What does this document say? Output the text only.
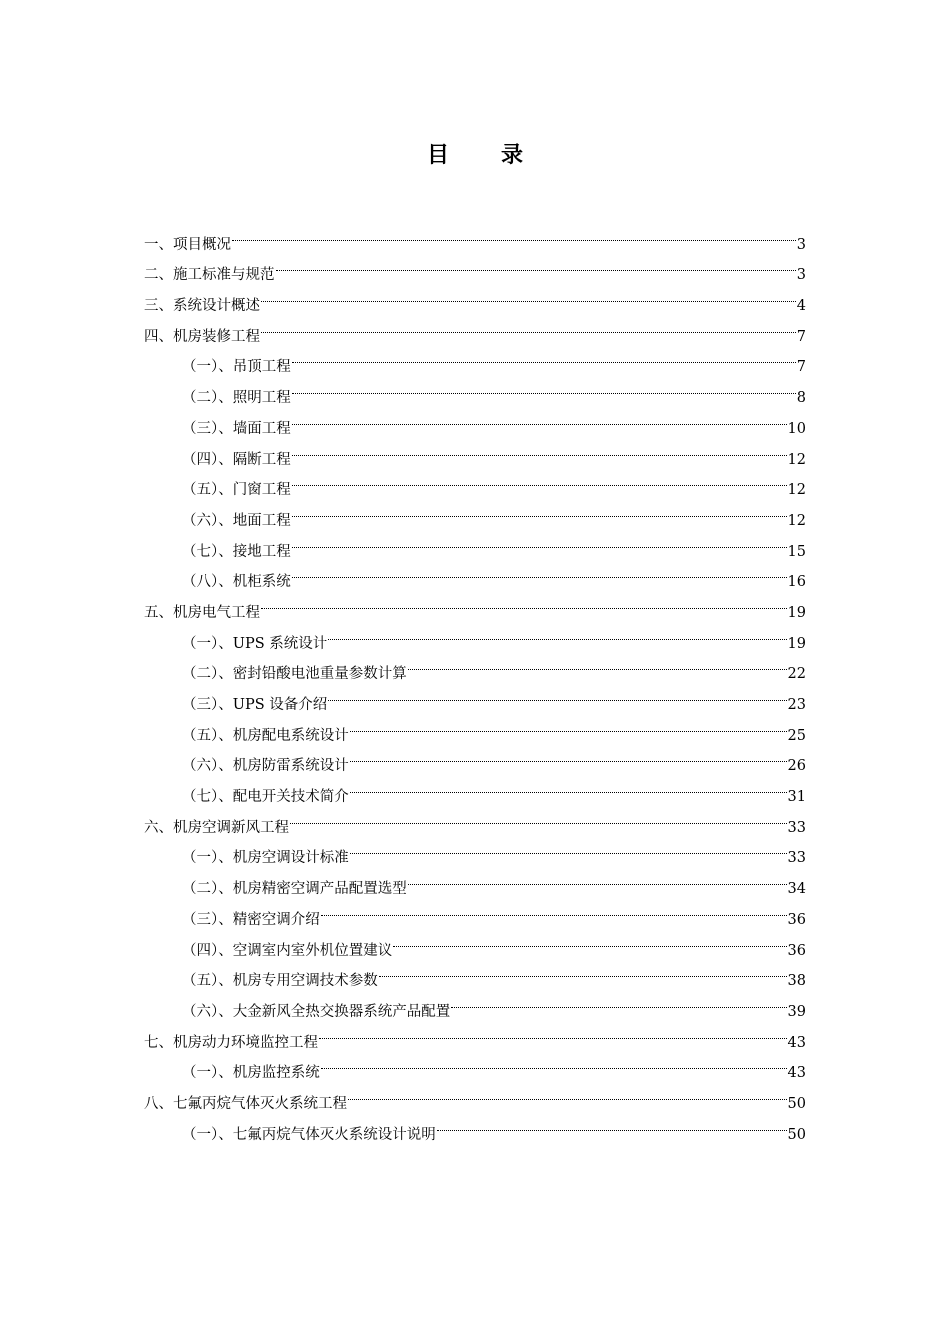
目 录
一、项目概况	3
二、施工标准与规范	3
三、系统设计概述	4
四、机房装修工程	7
（一）、吊顶工程	7
（二）、照明工程	8
（三）、墙面工程	10
（四）、隔断工程	12
（五）、门窗工程	12
（六）、地面工程	12
（七）、接地工程	15
（八）、机柜系统	16
五、机房电气工程	19
（一）、UPS 系统设计	19
（二）、密封铅酸电池重量参数计算	22
（三）、UPS 设备介绍	23
（五）、机房配电系统设计	25
（六）、机房防雷系统设计	26
（七）、配电开关技术简介	31
六、机房空调新风工程	33
（一）、机房空调设计标准	33
（二）、机房精密空调产品配置选型	34
（三）、精密空调介绍	36
（四）、空调室内室外机位置建议	36
（五）、机房专用空调技术参数	38
（六）、大金新风全热交换器系统产品配置	39
七、机房动力环境监控工程	43
（一）、机房监控系统	43
八、七氟丙烷气体灭火系统工程	50
（一）、七氟丙烷气体灭火系统设计说明	50
